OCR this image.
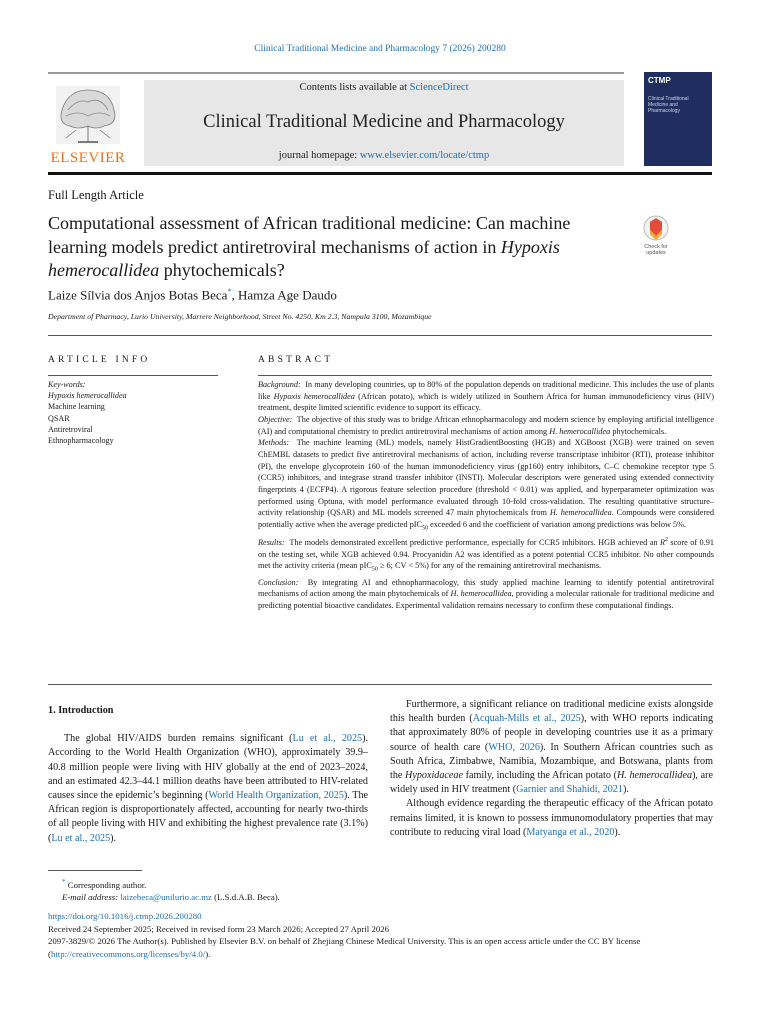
Clinical Traditional Medicine and Pharmacology 7 (2026) 200280
ELSEVIER
Contents lists available at ScienceDirect
Clinical Traditional Medicine and Pharmacology
journal homepage: www.elsevier.com/locate/ctmp
CTMP
Clinical Traditional Medicine and Pharmacology
Full Length Article
Computational assessment of African traditional medicine: Can machine learning models predict antiretroviral mechanisms of action in Hypoxis hemerocallidea phytochemicals?
Check for
updates
Laize Sílvia dos Anjos Botas Beca*, Hamza Age Daudo
Department of Pharmacy, Lurio University, Marrere Neighborhood, Street No. 4250, Km 2.3, Nampula 3100, Mozambique
ARTICLE INFO
Key-words:
Hypoxis hemerocallidea
Machine learning
QSAR
Antiretroviral
Ethnopharmacology
ABSTRACT

Background: In many developing countries, up to 80% of the population depends on traditional medicine. This includes the use of plants like Hypoxis hemerocallidea (African potato), which is widely utilized in Southern Africa for human immunodeficiency virus (HIV) treatment, despite limited scientific evidence to support its efficacy.

Objective: The objective of this study was to bridge African ethnopharmacology and modern science by employing artificial intelligence (AI) and computational chemistry to predict antiretroviral mechanisms of action among H. hemerocallidea phytochemicals.

Methods: The machine learning (ML) models, namely HistGradientBoosting (HGB) and XGBoost (XGB) were trained on seven ChEMBL datasets to predict five antiretroviral mechanisms of action, including reverse transcriptase inhibitor (RTI), protease inhibitor (PI), the envelope glycoprotein 160 of the human immunodeficiency virus (gp160) entry inhibitors, C–C chemokine receptor type 5 (CCR5) inhibitors, and integrase strand transfer inhibitor (INSTI). Molecular descriptors were generated using extended connectivity fingerprints 4 (ECFP4). A rigorous feature selection procedure (threshold < 0.01) was applied, and hyperparameter optimization was performed using Optuna, with model performance evaluated through 10-fold cross-validation. The resulting quantitative structure–activity relationship (QSAR) and ML models screened 47 main phytochemicals from H. hemerocallidea. Compounds were considered potentially active when the average predicted pIC$_{50}$ exceeded 6 and the coefficient of variation among predictions was below 5%.

Results: The models demonstrated excellent predictive performance, especially for CCR5 inhibitors. HGB achieved an $R^2$ score of 0.91 on the testing set, while XGB achieved 0.94. Procyanidin A2 was identified as a potent potential CCR5 inhibitor. No other compounds met the activity criteria (mean pIC$_{50}$ ≥ 6; CV < 5%) for any of the remaining antiretroviral mechanisms.

Conclusion: By integrating AI and ethnopharmacology, this study applied machine learning to identify potential antiretroviral mechanisms of action among the main phytochemicals of H. hemerocallidea, providing a molecular rationale for traditional medicine and predicting potential bioactive candidates. Experimental validation remains necessary to confirm these computational findings.

1. Introduction

The global HIV/AIDS burden remains significant (Lu et al., 2025). According to the World Health Organization (WHO), approximately 39.9–40.8 million people were living with HIV globally at the end of 2023–2024, and an estimated 42.3–44.1 million deaths have been attributed to HIV-related causes since the epidemic’s beginning (World Health Organization, 2025). The African region is disproportionately affected, accounting for nearly two-thirds of all people living with HIV and exhibiting the highest prevalence rate (3.1%) (Lu et al., 2025).

Furthermore, a significant reliance on traditional medicine exists alongside this health burden (Acquah-Mills et al., 2025), with WHO reports indicating that approximately 80% of people in developing countries use it as a primary source of health care (WHO, 2026). In Southern African countries such as South Africa, Zimbabwe, Namibia, Mozambique, and Botswana, plants from the Hypoxidaceae family, including the African potato (H. hemerocallidea), are widely used in HIV treatment (Garnier and Shahidi, 2021).

Although evidence regarding the therapeutic efficacy of the African potato remains limited, it is known to possess immunomodulatory properties that may contribute to reducing viral load (Matyanga et al., 2020).

* Corresponding author.
E-mail address: laizebeca@unilurio.ac.mz (L.S.d.A.B. Beca).
https://doi.org/10.1016/j.ctmp.2026.200280
Received 24 September 2025; Received in revised form 23 March 2026; Accepted 27 April 2026
2097-3829/© 2026 The Author(s). Published by Elsevier B.V. on behalf of Zhejiang Chinese Medical University. This is an open access article under the CC BY license (http://creativecommons.org/licenses/by/4.0/).
